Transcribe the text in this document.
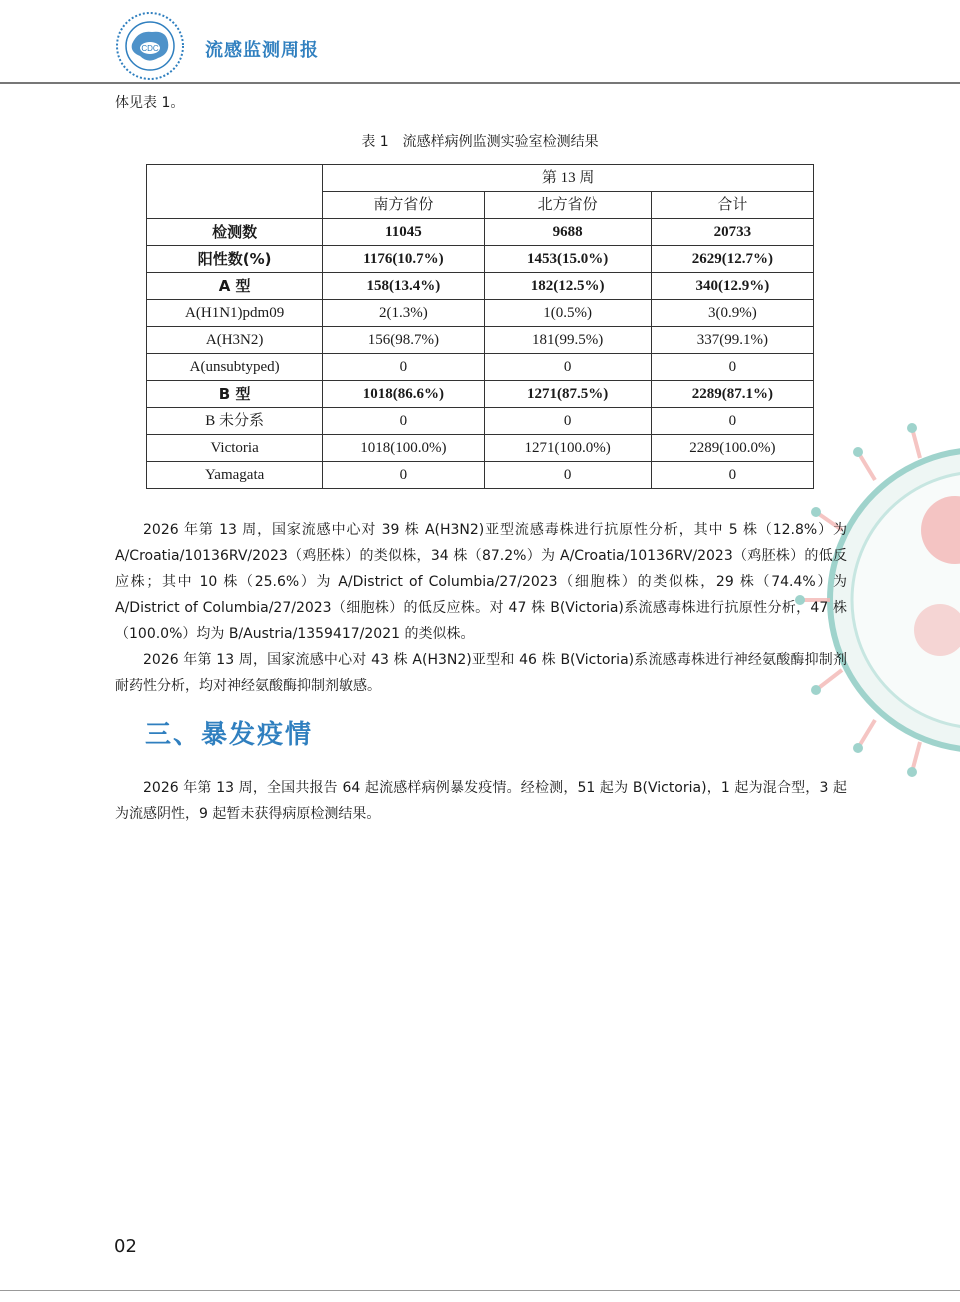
CDC	流感监测周报
体见表 1。
表 1　流感样病例监测实验室检测结果
	第 13 周		
	南方省份	北方省份	合计
检测数	11045	9688	20733
阳性数(%)	1176(10.7%)	1453(15.0%)	2629(12.7%)
A 型	158(13.4%)	182(12.5%)	340(12.9%)
A(H1N1)pdm09	2(1.3%)	1(0.5%)	3(0.9%)
A(H3N2)	156(98.7%)	181(99.5%)	337(99.1%)
A(unsubtyped)	0	0	0
B 型	1018(86.6%)	1271(87.5%)	2289(87.1%)
B 未分系	0	0	0
Victoria	1018(100.0%)	1271(100.0%)	2289(100.0%)
Yamagata	0	0	0
2026 年第 13 周，国家流感中心对 39 株 A(H3N2)亚型流感毒株进行抗原性分析，其中 5 株（12.8%）为 A/Croatia/10136RV/2023（鸡胚株）的类似株，34 株（87.2%）为 A/Croatia/10136RV/2023（鸡胚株）的低反应株；其中 10 株（25.6%）为 A/District of Columbia/27/2023（细胞株）的类似株，29 株（74.4%）为 A/District of Columbia/27/2023（细胞株）的低反应株。对 47 株 B(Victoria)系流感毒株进行抗原性分析，47 株（100.0%）均为 B/Austria/1359417/2021 的类似株。
2026 年第 13 周，国家流感中心对 43 株 A(H3N2)亚型和 46 株 B(Victoria)系流感毒株进行神经氨酸酶抑制剂耐药性分析，均对神经氨酸酶抑制剂敏感。
三、暴发疫情
2026 年第 13 周，全国共报告 64 起流感样病例暴发疫情。经检测，51 起为 B(Victoria)，1 起为混合型，3 起为流感阴性，9 起暂未获得病原检测结果。
02
